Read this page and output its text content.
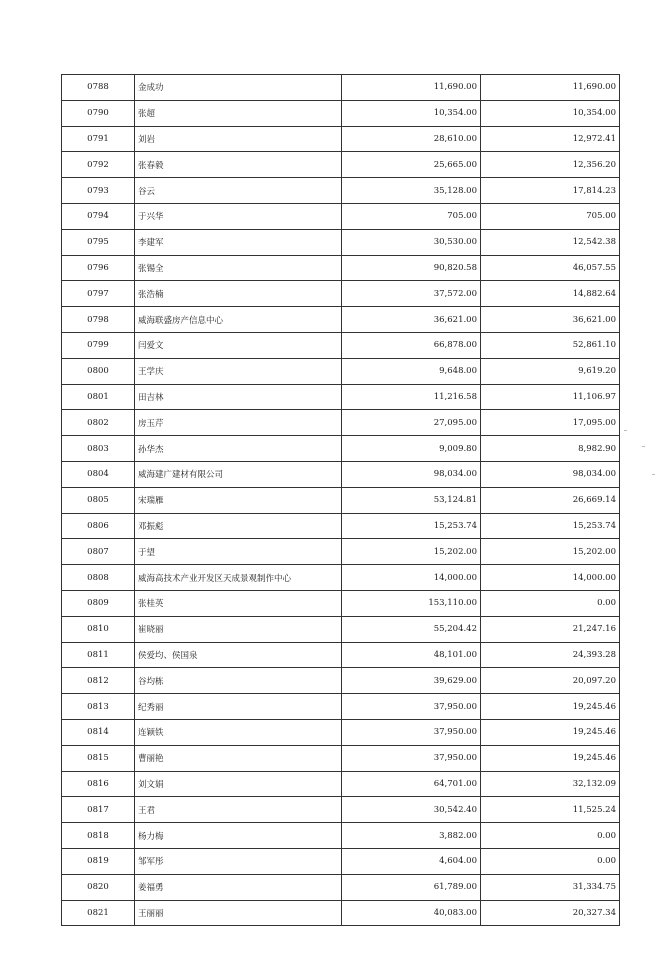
0788	金成功	11,690.00	11,690.00
0790	张超	10,354.00	10,354.00
0791	刘岩	28,610.00	12,972.41
0792	张春毅	25,665.00	12,356.20
0793	谷云	35,128.00	17,814.23
0794	于兴华	705.00	705.00
0795	李建军	30,530.00	12,542.38
0796	张锡全	90,820.58	46,057.55
0797	张浩楠	37,572.00	14,882.64
0798	威海联盛房产信息中心	36,621.00	36,621.00
0799	闫爱文	66,878.00	52,861.10
0800	王学庆	9,648.00	9,619.20
0801	田吉林	11,216.58	11,106.97
0802	房玉芹	27,095.00	17,095.00
0803	孙华杰	9,009.80	8,982.90
0804	威海建广建材有限公司	98,034.00	98,034.00
0805	宋瑞雁	53,124.81	26,669.14
0806	邓振彪	15,253.74	15,253.74
0807	于望	15,202.00	15,202.00
0808	威海高技术产业开发区天成景观制作中心	14,000.00	14,000.00
0809	张桂英	153,110.00	0.00
0810	崔晓丽	55,204.42	21,247.16
0811	侯爱均、侯国泉	48,101.00	24,393.28
0812	谷均栋	39,629.00	20,097.20
0813	纪秀丽	37,950.00	19,245.46
0814	连颖铁	37,950.00	19,245.46
0815	曹丽艳	37,950.00	19,245.46
0816	刘文娟	64,701.00	32,132.09
0817	王君	30,542.40	11,525.24
0818	杨力梅	3,882.00	0.00
0819	邹军彤	4,604.00	0.00
0820	姜福勇	61,789.00	31,334.75
0821	王丽丽	40,083.00	20,327.34
